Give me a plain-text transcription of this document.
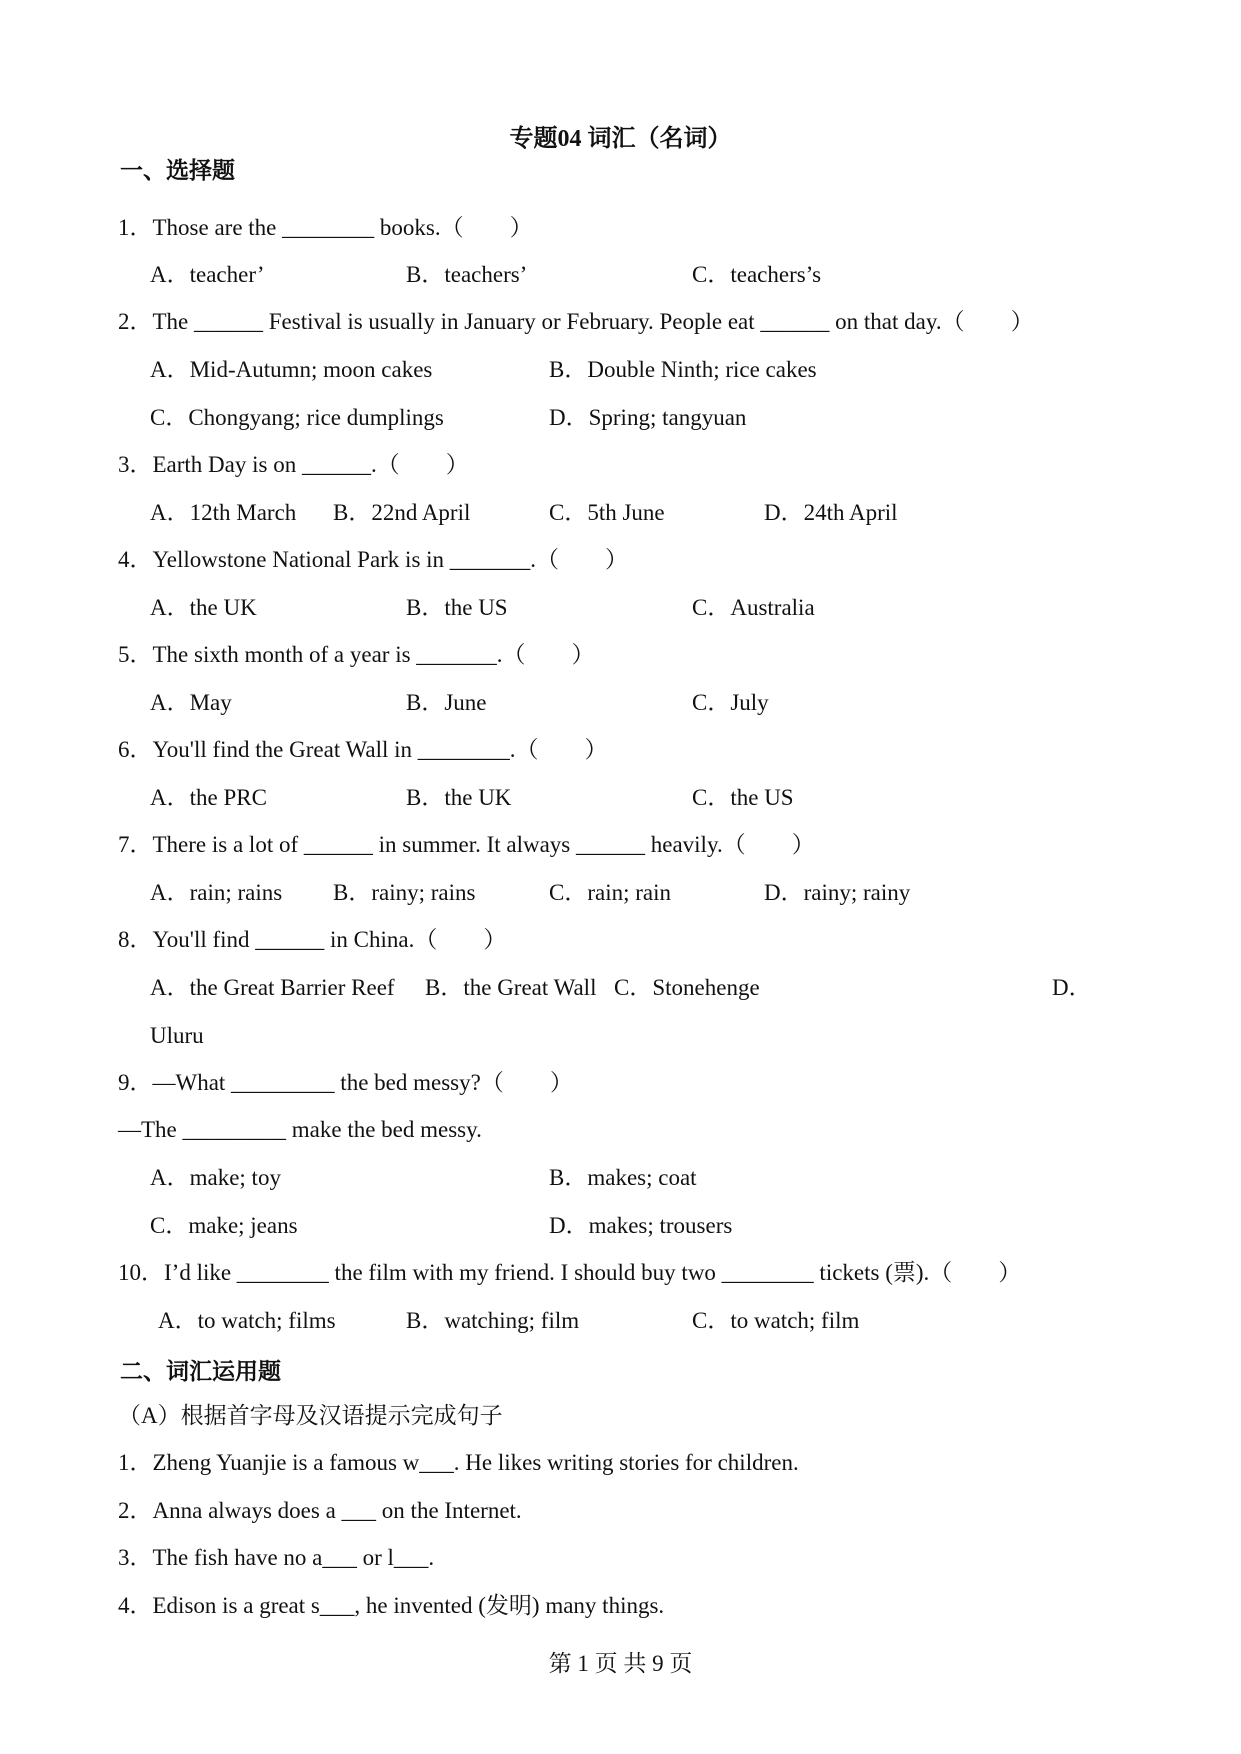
专题04 词汇（名词）
一、选择题
1．Those are the ________ books.（　　）
A．teacher’	B．teachers’	C．teachers’s
2．The ______ Festival is usually in January or February. People eat ______ on that day.（　　）
A．Mid-Autumn; moon cakes	B．Double Ninth; rice cakes
C．Chongyang; rice dumplings	D．Spring; tangyuan
3．Earth Day is on ______.（　　）
A．12th March B．22nd April	C．5th June	D．24th April
4．Yellowstone National Park is in _______.（　　）
A．the UK	B．the US	C．Australia
5．The sixth month of a year is _______.（　　）
A．May	B．June	C．July
6．You'll find the Great Wall in ________.（　　）
A．the PRC	B．the UK	C．the US
7．There is a lot of ______ in summer. It always ______ heavily.（　　）
A．rain; rains B．rainy; rains	C．rain; rain	D．rainy; rainy
8．You'll find ______ in China.（　　）
A．the Great Barrier Reef B．the Great Wall C．Stonehenge	D．
Uluru
9．—What _________ the bed messy?（　　）
—The _________ make the bed messy.
A．make; toy	B．makes; coat
C．make; jeans	D．makes; trousers
10．I’d like ________ the film with my friend. I should buy two ________ tickets (票).（　　）
A．to watch; films	B．watching; film	C．to watch; film
二、词汇运用题
（A）根据首字母及汉语提示完成句子
1．Zheng Yuanjie is a famous w___. He likes writing stories for children.
2．Anna always does a ___ on the Internet.
3．The fish have no a___ or l___.
4．Edison is a great s___, he invented (发明) many things.
第 1 页 共 9 页
